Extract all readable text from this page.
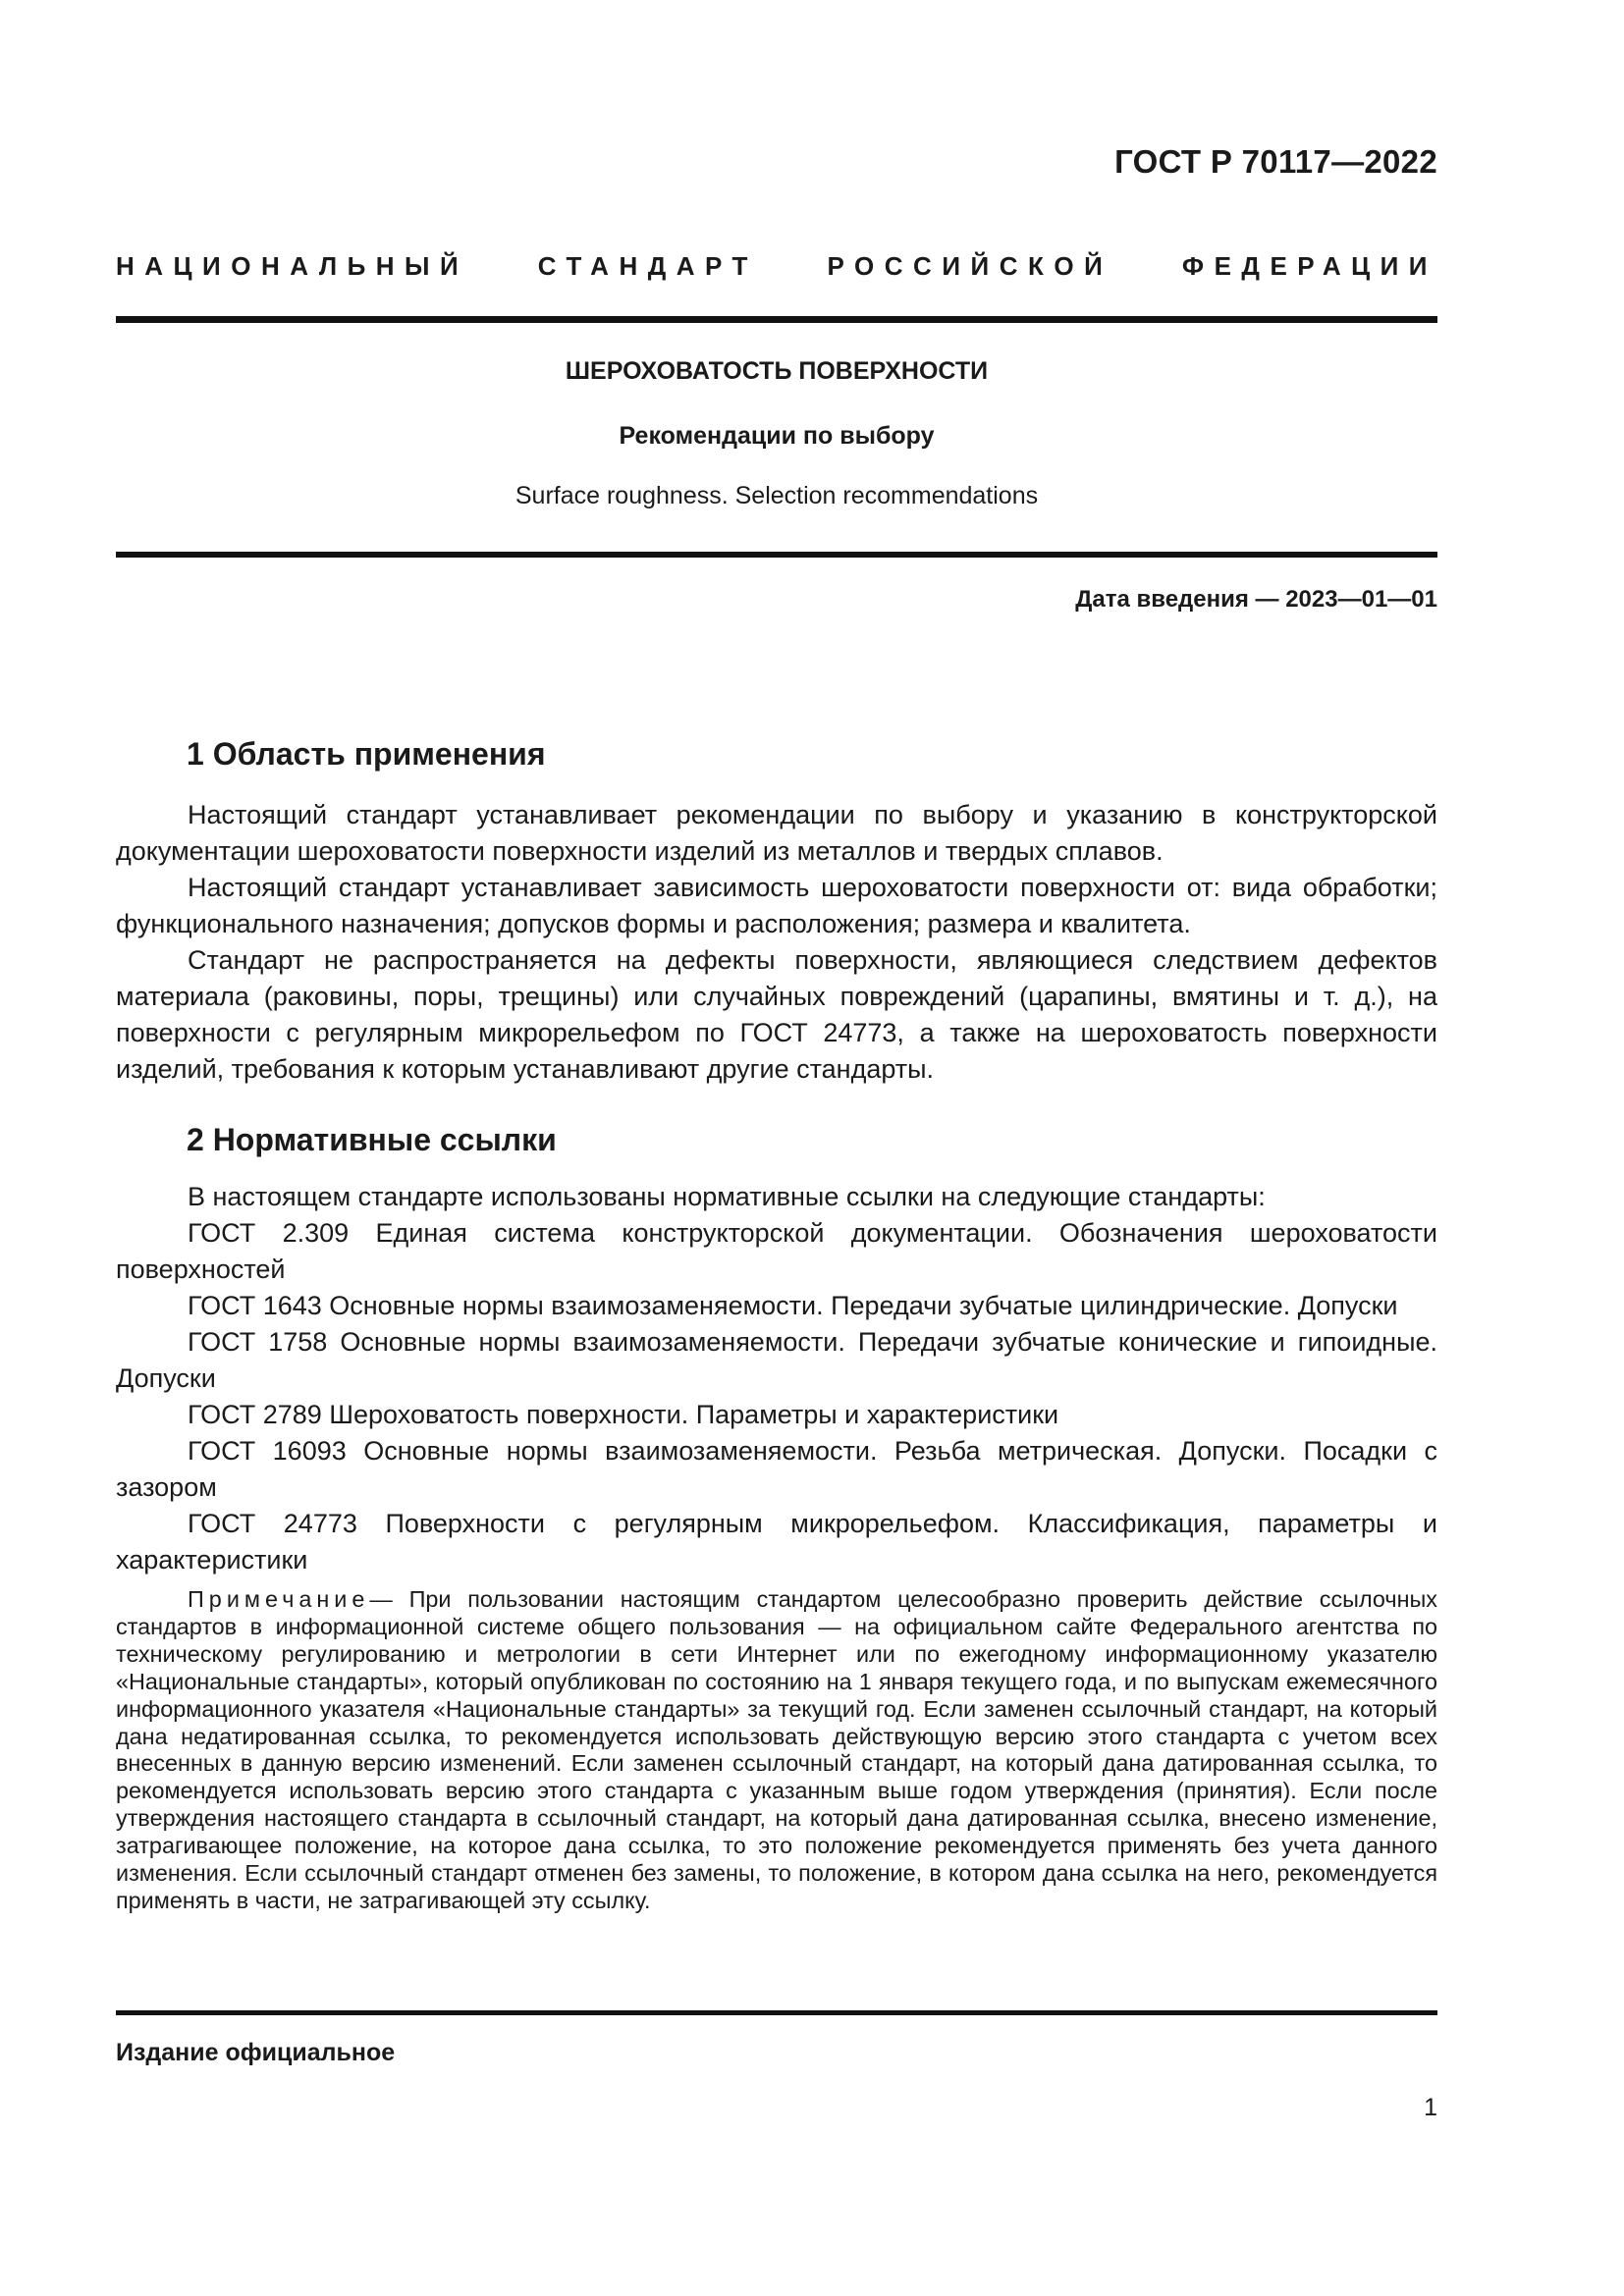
ГОСТ Р 70117—2022
НАЦИОНАЛЬНЫЙ СТАНДАРТ РОССИЙСКОЙ ФЕДЕРАЦИИ
ШЕРОХОВАТОСТЬ ПОВЕРХНОСТИ
Рекомендации по выбору
Surface roughness. Selection recommendations
Дата введения — 2023—01—01
1 Область применения

Настоящий стандарт устанавливает рекомендации по выбору и указанию в конструкторской документации шероховатости поверхности изделий из металлов и твердых сплавов.

Настоящий стандарт устанавливает зависимость шероховатости поверхности от: вида обработки; функционального назначения; допусков формы и расположения; размера и квалитета.

Стандарт не распространяется на дефекты поверхности, являющиеся следствием дефектов материала (раковины, поры, трещины) или случайных повреждений (царапины, вмятины и т. д.), на поверхности с регулярным микрорельефом по ГОСТ 24773, а также на шероховатость поверхности изделий, требования к которым устанавливают другие стандарты.

2 Нормативные ссылки

В настоящем стандарте использованы нормативные ссылки на следующие стандарты:

ГОСТ 2.309 Единая система конструкторской документации. Обозначения шероховатости поверхностей

ГОСТ 1643 Основные нормы взаимозаменяемости. Передачи зубчатые цилиндрические. Допуски

ГОСТ 1758 Основные нормы взаимозаменяемости. Передачи зубчатые конические и гипоидные. Допуски

ГОСТ 2789 Шероховатость поверхности. Параметры и характеристики

ГОСТ 16093 Основные нормы взаимозаменяемости. Резьба метрическая. Допуски. Посадки с зазором

ГОСТ 24773 Поверхности с регулярным микрорельефом. Классификация, параметры и характеристики

Примечание— При пользовании настоящим стандартом целесообразно проверить действие ссылочных стандартов в информационной системе общего пользования — на официальном сайте Федерального агентства по техническому регулированию и метрологии в сети Интернет или по ежегодному информационному указателю «Национальные стандарты», который опубликован по состоянию на 1 января текущего года, и по выпускам ежемесячного информационного указателя «Национальные стандарты» за текущий год. Если заменен ссылочный стандарт, на который дана недатированная ссылка, то рекомендуется использовать действующую версию этого стандарта с учетом всех внесенных в данную версию изменений. Если заменен ссылочный стандарт, на который дана датированная ссылка, то рекомендуется использовать версию этого стандарта с указанным выше годом утверждения (принятия). Если после утверждения настоящего стандарта в ссылочный стандарт, на который дана датированная ссылка, внесено изменение, затрагивающее положение, на которое дана ссылка, то это положение рекомендуется применять без учета данного изменения. Если ссылочный стандарт отменен без замены, то положение, в котором дана ссылка на него, рекомендуется применять в части, не затрагивающей эту ссылку.

Издание официальное
1
